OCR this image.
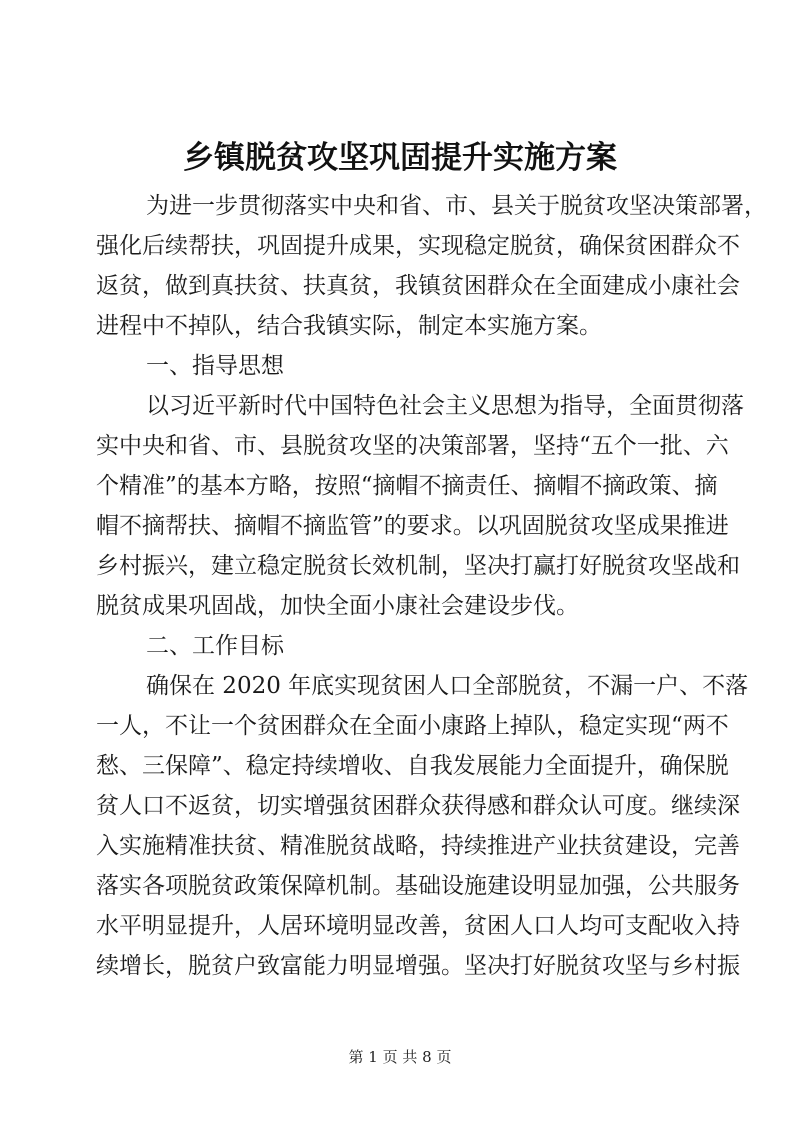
乡镇脱贫攻坚巩固提升实施方案
为进一步贯彻落实中央和省、市、县关于脱贫攻坚决策部署，
强化后续帮扶，巩固提升成果，实现稳定脱贫，确保贫困群众不
返贫，做到真扶贫、扶真贫，我镇贫困群众在全面建成小康社会
进程中不掉队，结合我镇实际，制定本实施方案。
一、指导思想
以习近平新时代中国特色社会主义思想为指导，全面贯彻落
实中央和省、市、县脱贫攻坚的决策部署，坚持“五个一批、六
个精准”的基本方略，按照“摘帽不摘责任、摘帽不摘政策、摘
帽不摘帮扶、摘帽不摘监管”的要求。以巩固脱贫攻坚成果推进
乡村振兴，建立稳定脱贫长效机制，坚决打赢打好脱贫攻坚战和
脱贫成果巩固战，加快全面小康社会建设步伐。
二、工作目标
确保在 2020 年底实现贫困人口全部脱贫，不漏一户、不落
一人，不让一个贫困群众在全面小康路上掉队，稳定实现“两不
愁、三保障”、稳定持续增收、自我发展能力全面提升，确保脱
贫人口不返贫，切实增强贫困群众获得感和群众认可度。继续深
入实施精准扶贫、精准脱贫战略，持续推进产业扶贫建设，完善
落实各项脱贫政策保障机制。基础设施建设明显加强，公共服务
水平明显提升，人居环境明显改善，贫困人口人均可支配收入持
续增长，脱贫户致富能力明显增强。坚决打好脱贫攻坚与乡村振
第 1 页 共 8 页
